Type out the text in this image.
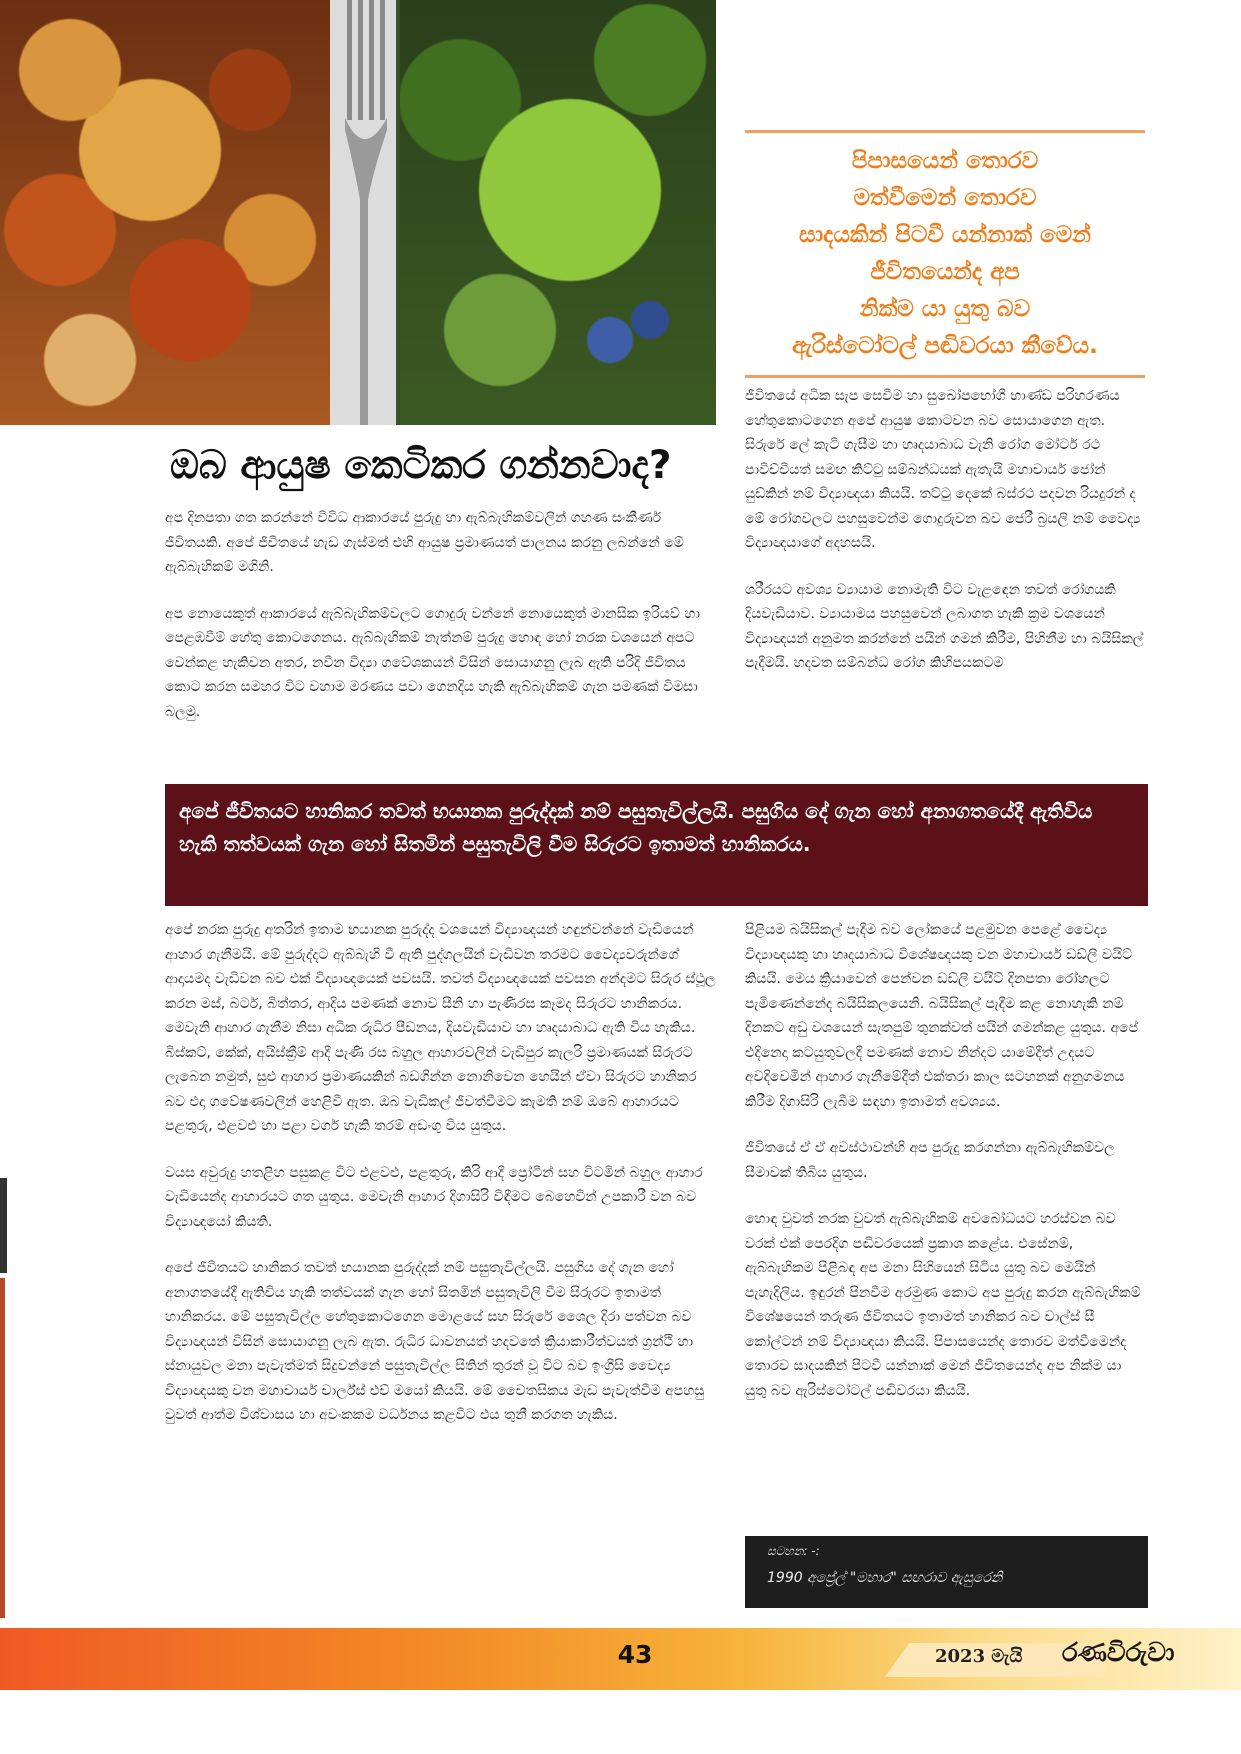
පිපාසයෙන් තොරව
මත්වීමෙන් තොරව
සාදයකින් පිටවී යන්නාක් මෙන්
ජීවිතයෙන්ද අප
නික්ම යා යුතු බව
ඇරිස්ටෝටල් පඬිවරයා කීවේය.
ඔබ ආයුෂ කෙටිකර ගන්නවාද?

අප දිනපතා ගත කරන්නේ විවිධ ආකාරයේ පුරුදු හා ඇබ්බැහිකම්වලින් ගහණ සංකීර්ණ ජීවිතයකි. අපේ ජීවිතයේ හැඩ ගැස්මත් එහි ආයුෂ ප්‍රමාණයත් පාලනය කරනු ලබන්නේ මේ ඇබ්බැහිකම් මගිනි.

අප නොයෙකුත් ආකාරයේ ඇබ්බැහිකම්වලට ගොදුරු වන්නේ නොයෙකුත් මානසික ඉරියව් හා පෙළඹවීම් හේතු කොටගෙනය. ඇබ්බැහිකම් නැත්නම් පුරුදු හොඳ හෝ නරක වශයෙන් අපට වෙන්කළ හැකිවන අතර, නවීන විද්‍යා ගවේශකයන් විසින් සොයාගනු ලැබ ඇති පරිදි ජීවිතය කොට කරන සමහර විට වහාම මරණය පවා ගෙනදිය හැකි ඇබ්බැහිකම් ගැන පමණක් විමසා බලමු.

ජීවිතයේ අධික සැප සෙවීම හා සුඛෝපභෝගී භාණ්ඩ පරිහරණය හේතුකොටගෙන අපේ ආයුෂ කොටවන බව සොයාගෙන ඇත. සිරුරේ ලේ කැටි ගැසීම හා හෘදයාබාධ වැනි රෝග මෝටර් රථ පාවිච්චියත් සමඟ කිට්ටු සම්බන්ධයක් ඇතැයි මහාචාර්ය ජෝන් යුඩ්කින් නම් විද්‍යාඥයා කියයි. තට්ටු දෙකේ බස්රථ පදවන රියදුරන් ද මේ රෝගවලට පහසුවෙන්ම ගොදුරුවන බව ජෙරී බ්‍රයලි නම් වෛද්‍ය විද්‍යාඥයාගේ අදහසයි.

ශරීරයට අවශ්‍ය ව්‍යායාම නොමැති විට වැළඳෙන තවත් රෝගයකි දියවැඩියාව. ව්‍යායාමය පහසුවෙන් ලබාගත හැකි ක්‍රම වශයෙන් විද්‍යාඥයන් අනුමත කරන්නේ පයින් ගමන් කිරීම, පිහිනීම හා බයිසිකල් පැදීමයි. හදවත සම්බන්ධ රෝග කිහිපයකටම

අපේ ජීවිතයට හානිකර තවත් භයානක පුරුද්දක් නම් පසුතැවිල්ලයි. පසුගිය දේ ගැන හෝ අනාගතයේදී ඇතිවිය හැකි තත්වයක් ගැන හෝ සිතමින් පසුතැවිලි වීම සිරුරට ඉතාමත් හානිකරය.

අපේ නරක පුරුදු අතරින් ඉතාම භයානක පුරුද්ද වශයෙන් විද්‍යාඥයන් හඳුන්වන්නේ වැඩියෙන් ආහාර ගැනීමයි. මේ පුරුද්දට ඇබ්බැහි වී ඇති පුද්ගලයින් වැඩිවන තරමට වෛද්‍යවරුන්ගේ ආදායමද වැඩිවන බව එක් විද්‍යාඥයෙක් පවසයි. තවත් විද්‍යාඥයෙක් පවසන අන්දමට සිරුර ස්ථූල කරන මස්, බටර්, බිත්තර, ආදිය පමණක් නොව සීනි හා පැණිරස කෑමද සිරුරට හානිකරය. මෙවැනි ආහාර ගැනීම නිසා අධික රුධිර පීඩනය, දියවැඩියාව හා හෘදයාබාධ ඇති විය හැකිය. බිස්කට්, කේක්, අයිස්ක්‍රීම් ආදී පැණි රස බහුල ආහාරවලින් වැඩිපුර කැලරි ප්‍රමාණයක් සිරුරට ලැබෙන නමුත්, සුළු ආහාර ප්‍රමාණයකින් බඩගින්න නොනිවෙන හෙයින් ඒවා සිරුරට හානිකර බව එදා ගවේෂණවලින් හෙළිවී ඇත. ඔබ වැඩිකල් ජීවත්වීමට කැමති නම් ඔබේ ආහාරයට පළතුරු, එළවළු හා පළා වර්ග හැකි තරම් අඩංගු විය යුතුය.

වයස අවුරුදු හතළිහ පසුකළ විට එළවළු, පළතුරු, කිරි ආදී ප්‍රෝටීන් සහ විටමින් බහුල ආහාර වැඩියෙන්ද ආහාරයට ගත යුතුය. මෙවැනි ආහාර දිගාසිරි විඳීමට බෙහෙවින් උපකාරී වන බව විද්‍යාඥයෝ කියති.

අපේ ජීවිතයට හානිකර තවත් භයානක පුරුද්දක් නම් පසුතැවිල්ලයි. පසුගිය දේ ගැන හෝ අනාගතයේදී ඇතිවිය හැකි තත්වයක් ගැන හෝ සිතමින් පසුතැවිලි වීම සිරුරට ඉතාමත් හානිකරය. මේ පසුතැවිල්ල හේතුකොටගෙන මොළයේ සහ සිරුරේ ශෛල දිරා පත්වන බව විද්‍යාඥයන් විසින් සොයාගනු ලැබ ඇත. රුධිර ධාවනයත් හදවතේ ක්‍රියාකාරීත්වයත් ග්‍රන්ථි හා ස්නායුවල මනා පැවැත්මත් සිදුවන්නේ පසුතැවිල්ල සිතින් තුරන් වූ විට බව ඉංග්‍රීසි වෛද්‍ය විද්‍යාඥයකු වන මහාචාර්ය චාර්ල්ස් එච් මයෝ කියයි. මේ චෛතසිකය මැඩ පැවැත්වීම අපහසු වුවත් ආත්ම විශ්වාසය හා අවංකකම වර්ධනය කළවිට එය තුනී කරගත හැකිය.

පිළියම බයිසිකල් පැදීම බව ලෝකයේ පළමුවන පෙළේ වෛද්‍ය විද්‍යාඥයකු හා හෘදයාබාධ විශේෂඥයකු වන මහාචාර්ය ඩඩ්ලි වයිට් කියයි. මෙය ක්‍රියාවෙන් පෙන්වන ඩඩ්ලි වයිට් දිනපතා රෝහලට පැමිණෙන්නේද බයිසිකලයෙනි. බයිසිකල් පැදීම කළ නොහැකි නම් දිනකට අඩු වශයෙන් සැතපුම් තුනක්වත් පයින් ගමන්කළ යුතුය. අපේ එදිනෙදා කටයුතුවලදී පමණක් නොව නින්දට යාමේදීත් උදයට අවදිවෙමින් ආහාර ගැනීමේදීත් එක්තරා කාල සටහනක් අනුගමනය කිරීම දිගාසිරි ලැබීම සඳහා ඉතාමත් අවශ්‍යය.

ජීවිතයේ ඒ ඒ අවස්ථාවන්හි අප පුරුදු කරගන්නා ඇබ්බැහිකම්වල සීමාවක් තිබිය යුතුය.

හොඳ වුවත් නරක වුවත් ඇබ්බැහිකම් අවබෝධයට හරස්වන බව වරක් එක් පෙරදිග පඬිවරයෙක් ප්‍රකාශ කළේය. එසේනම්, ඇබ්බැහිකම පිළිබඳ අප මනා සිහියෙන් සිටිය යුතු බව මෙයින් පැහැදිලිය. ඉඳුරන් පිනවීම අරමුණ කොට අප පුරුදු කරන ඇබ්බැහිකම් විශේෂයෙන් තරුණ ජීවිතයට ඉතාමත් හානිකර බව චාල්ස් සී කෝල්ටන් නම් විද්‍යාඥයා කියයි. පිපාසයෙන්ද තොරව මත්වීමෙන්ද තොරව සාදයකින් පිටවී යන්නාක් මෙන් ජීවිතයෙන්ද අප නික්ම යා යුතු බව ඇරිස්ටෝටල් පඬිවරයා කියයි.

සටහන: -:
1990 අප්‍රේල් "මහාර" සඟරාව ඇසුරෙනි
43	2023 මැයි රණවිරුවා
